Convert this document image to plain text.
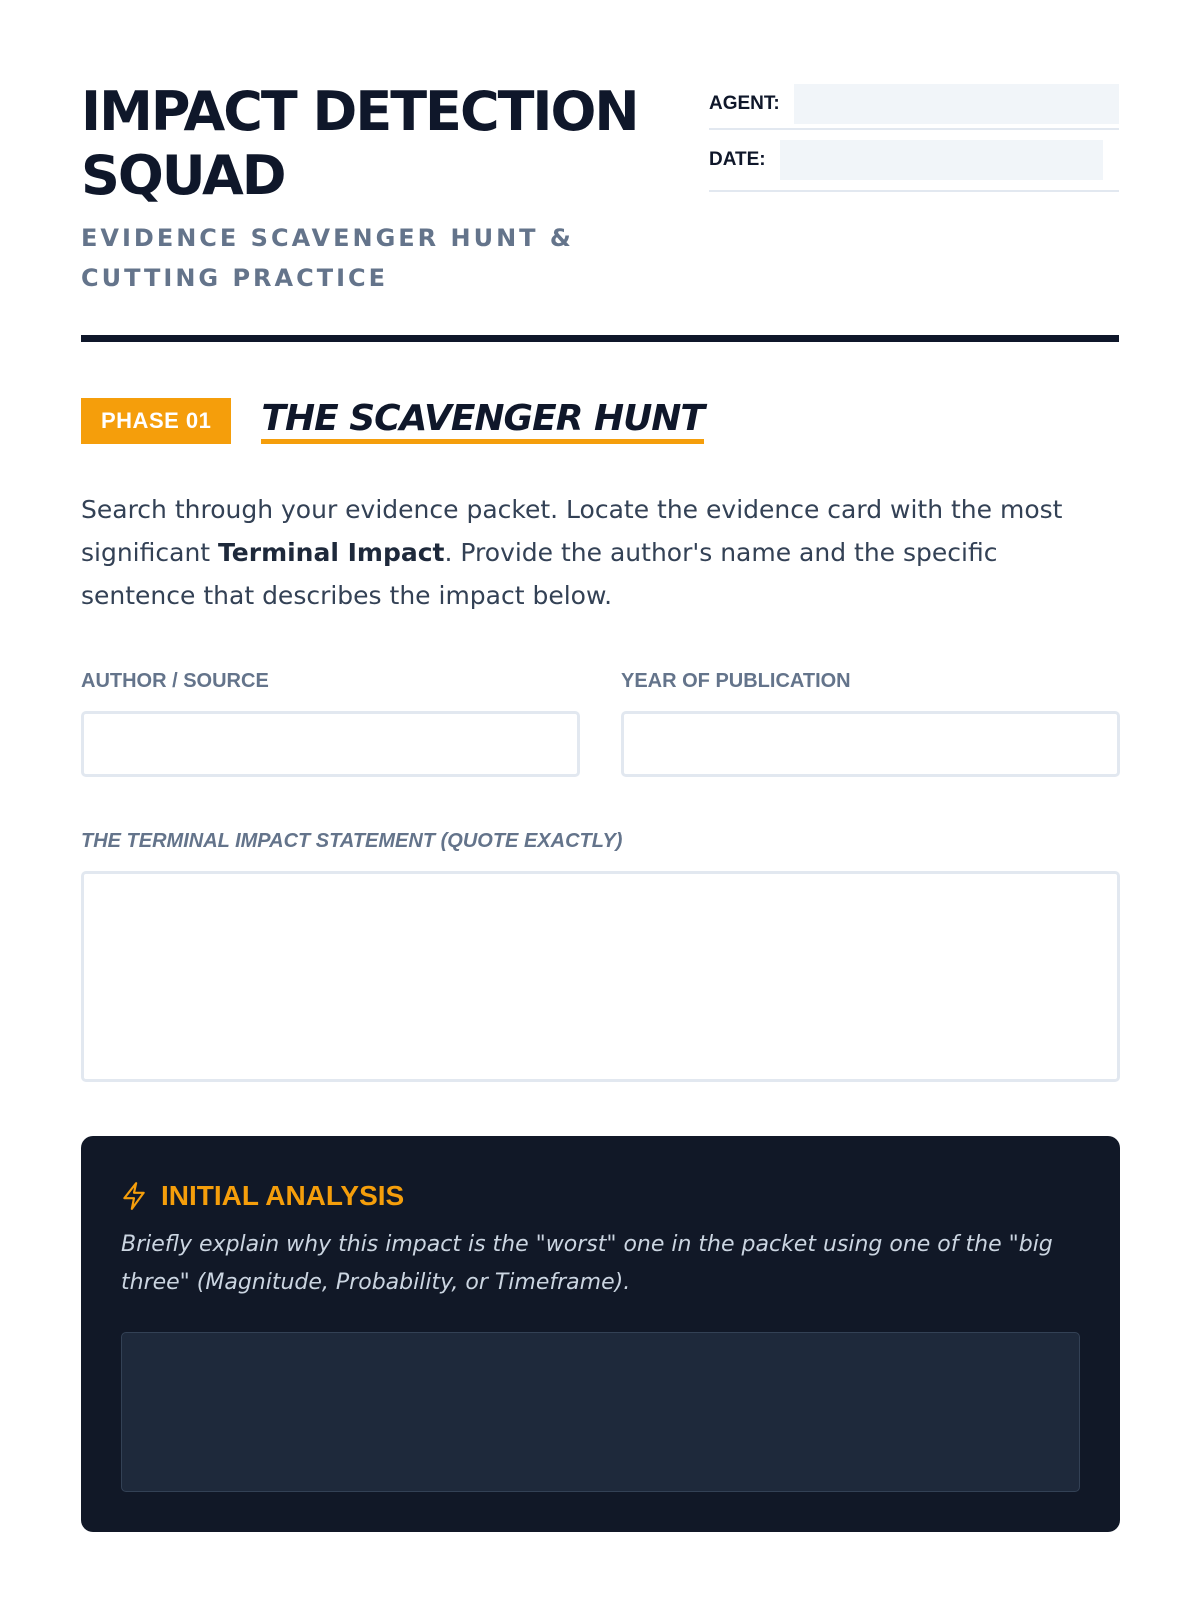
IMPACT DETECTION SQUAD

EVIDENCE SCAVENGER HUNT & CUTTING PRACTICE

AGENT:
DATE:
PHASE 01	THE SCAVENGER HUNT

Search through your evidence packet. Locate the evidence card with the most significant Terminal Impact. Provide the author's name and the specific sentence that describes the impact below.

AUTHOR / SOURCE	YEAR OF PUBLICATION
THE TERMINAL IMPACT STATEMENT (QUOTE EXACTLY)
INITIAL ANALYSIS

Briefly explain why this impact is the "worst" one in the packet using one of the "big three" (Magnitude, Probability, or Timeframe).
